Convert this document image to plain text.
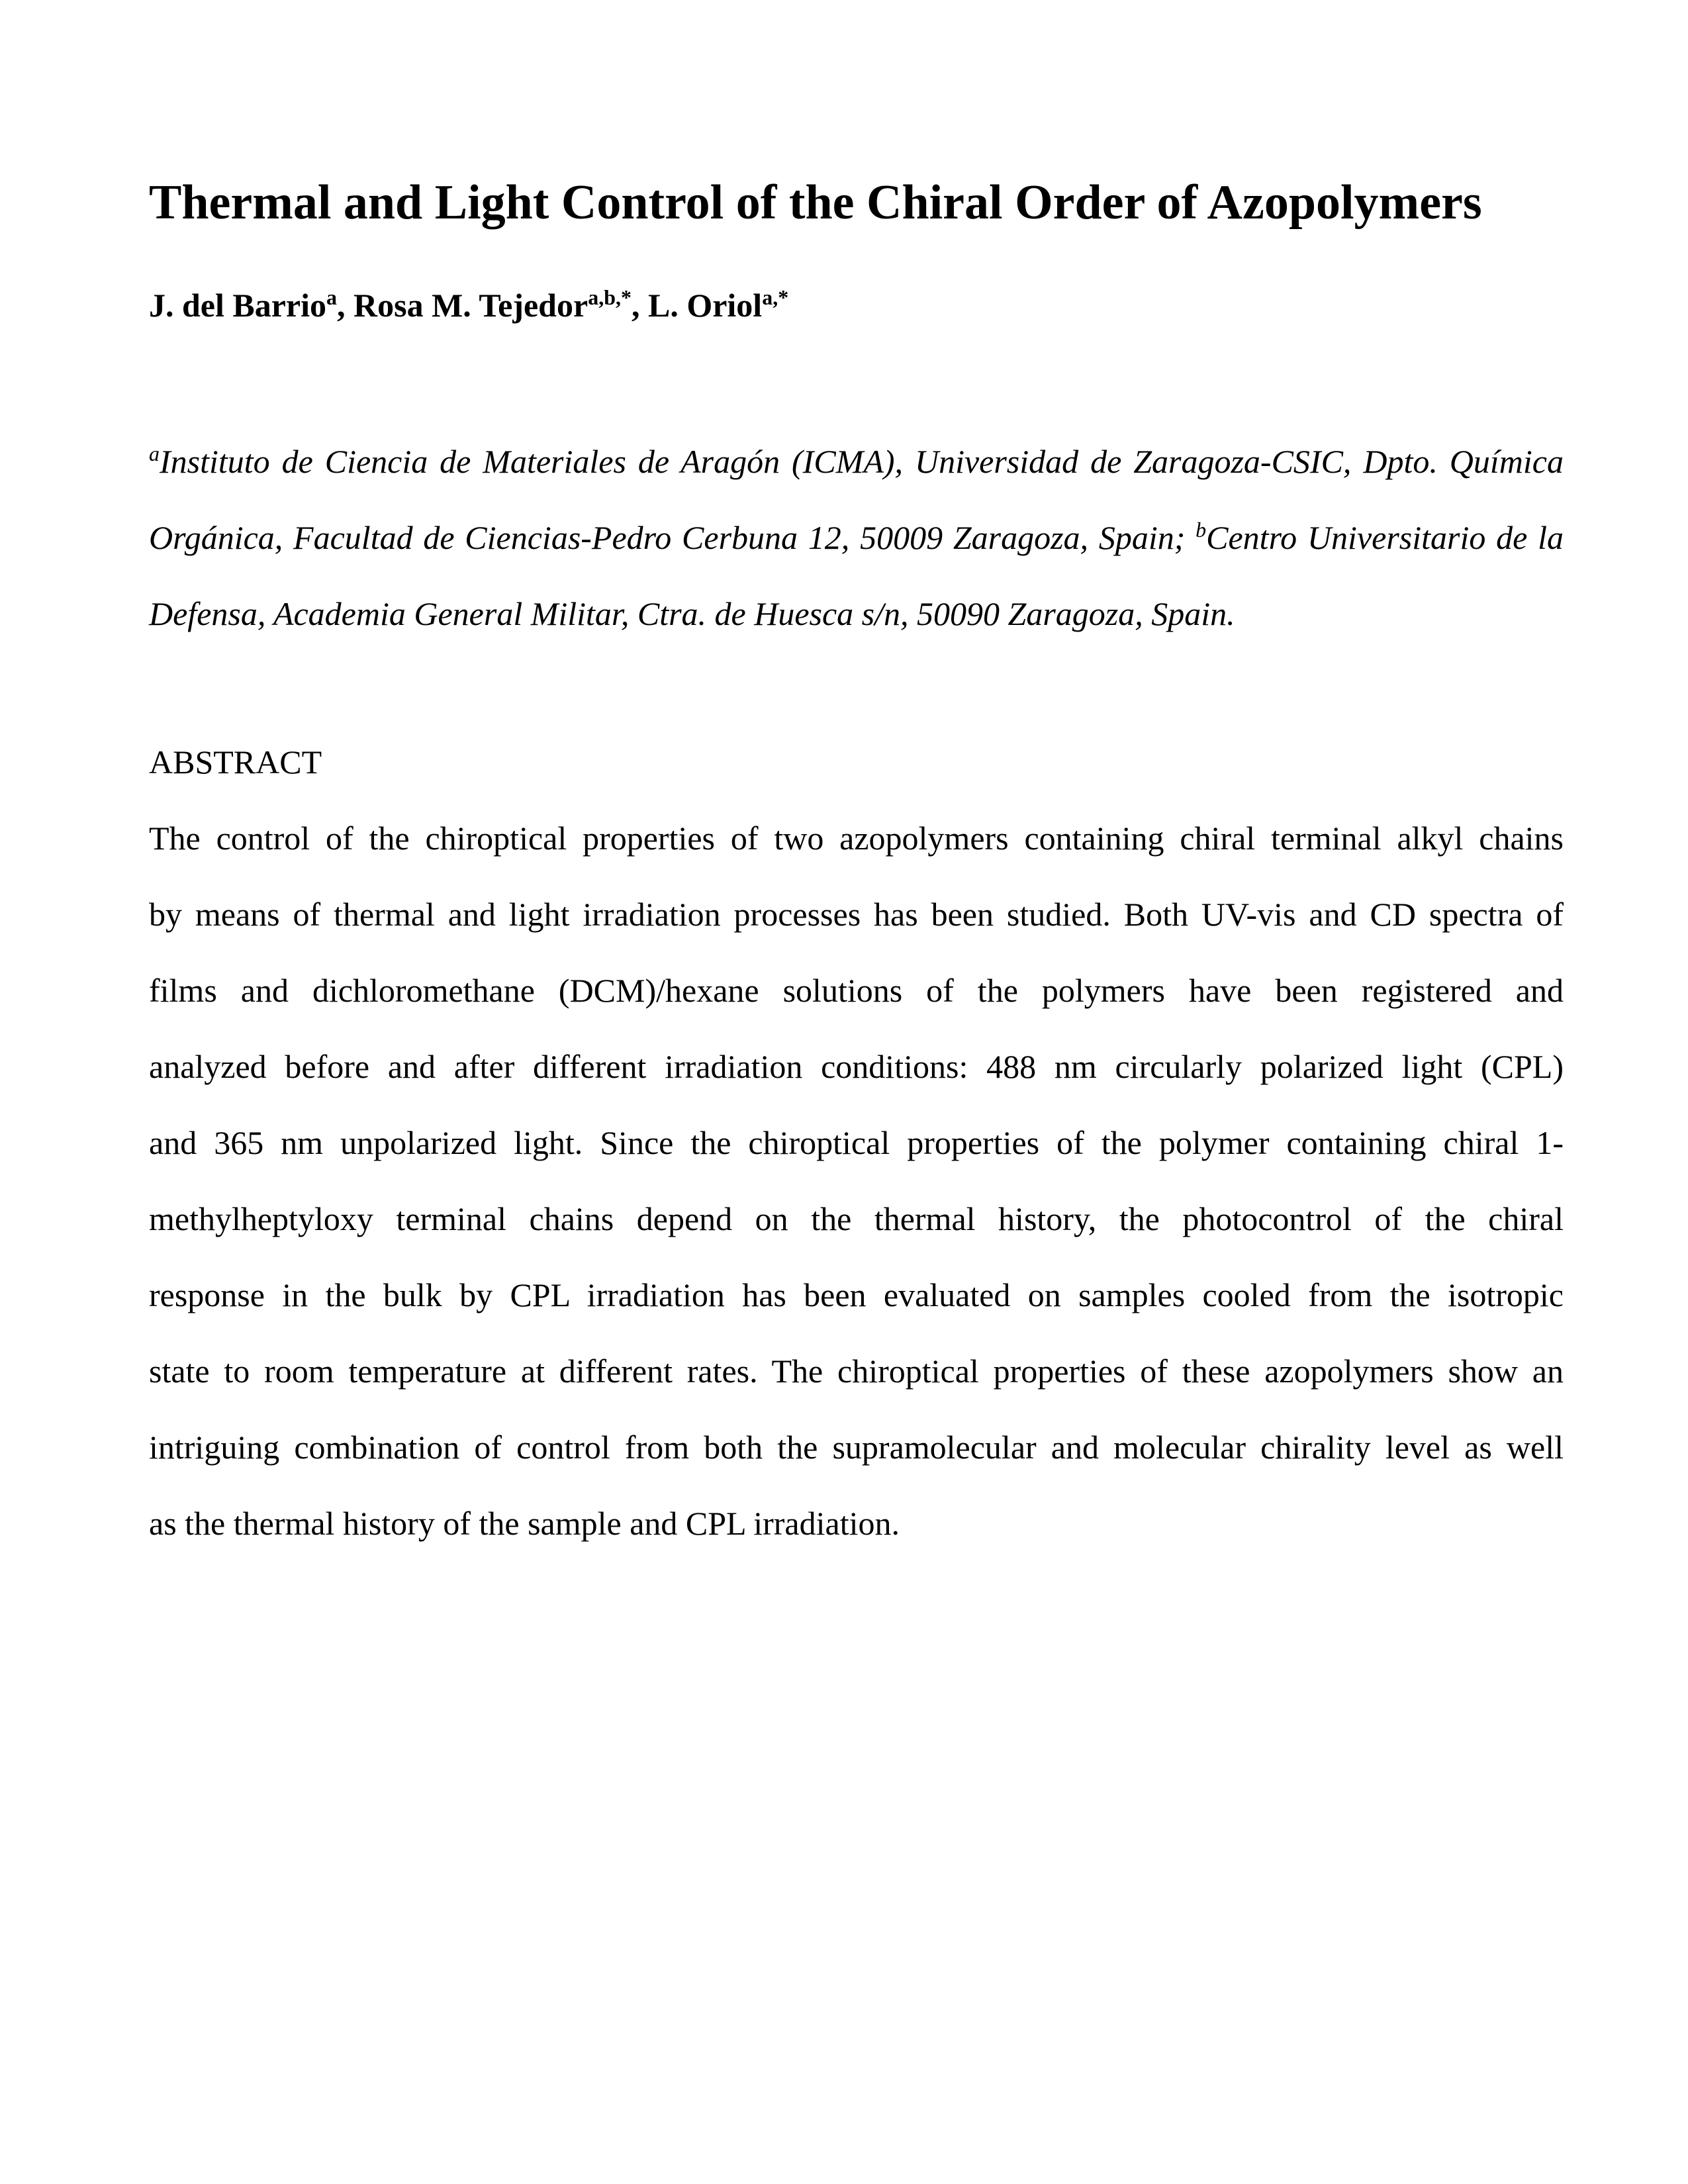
Thermal and Light Control of the Chiral Order of Azopolymers
J. del Barrio$^a$, Rosa M. Tejedor$^{a,b,*}$, L. Oriol$^{a,*}$
$^a$Instituto de Ciencia de Materiales de Aragón (ICMA), Universidad de Zaragoza-CSIC, Dpto. Química
Orgánica, Facultad de Ciencias-Pedro Cerbuna 12, 50009 Zaragoza, Spain; $^b$Centro Universitario de la
Defensa, Academia General Militar, Ctra. de Huesca s/n, 50090 Zaragoza, Spain.
ABSTRACT
The control of the chiroptical properties of two azopolymers containing chiral terminal alkyl chains
by means of thermal and light irradiation processes has been studied. Both UV-vis and CD spectra of
films and dichloromethane (DCM)/hexane solutions of the polymers have been registered and
analyzed before and after different irradiation conditions: 488 nm circularly polarized light (CPL)
and 365 nm unpolarized light. Since the chiroptical properties of the polymer containing chiral 1-
methylheptyloxy terminal chains depend on the thermal history, the photocontrol of the chiral
response in the bulk by CPL irradiation has been evaluated on samples cooled from the isotropic
state to room temperature at different rates. The chiroptical properties of these azopolymers show an
intriguing combination of control from both the supramolecular and molecular chirality level as well
as the thermal history of the sample and CPL irradiation.
